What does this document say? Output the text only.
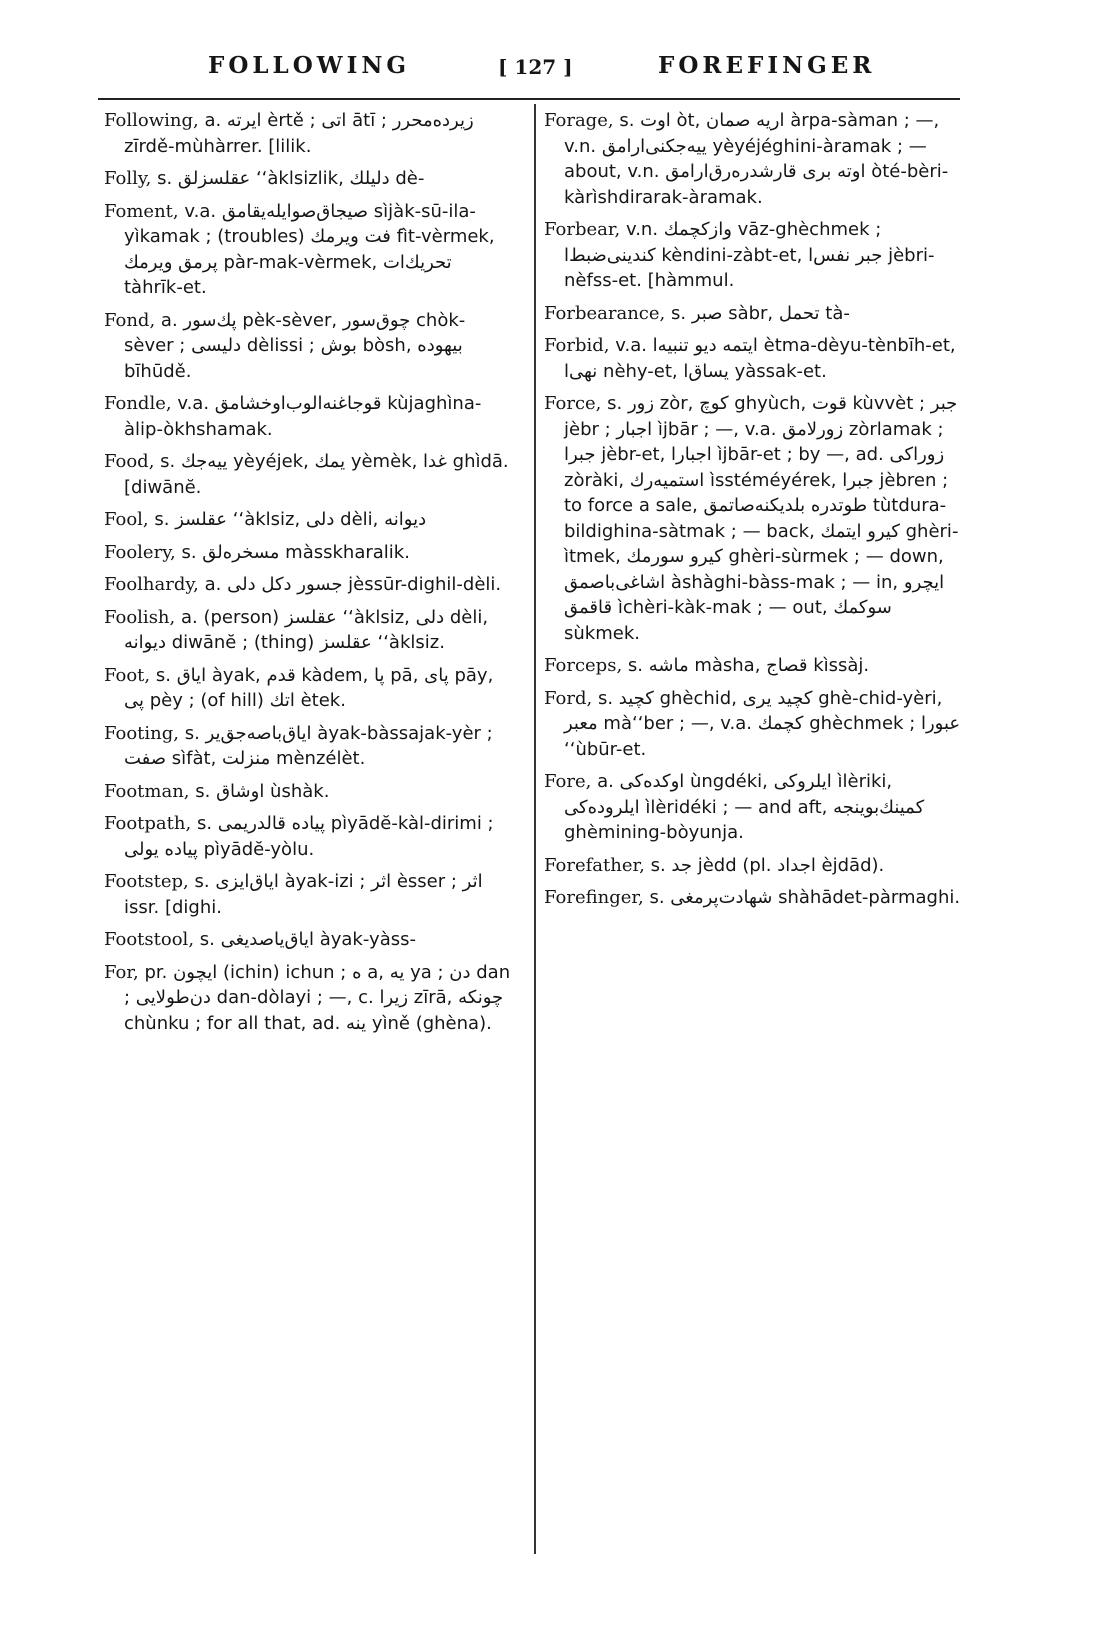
FOLLOWING	[ 127 ]	FOREFINGER
Following, a. ایرته èrtě ; اتی ātī ; زیرده‌محرر zīrdě-mùhàrrer. [lilik.
Folly, s. عقلسزلق ‘‘àklsizlik, دلیلك dè-
Foment, v.a. صیجاق‌صوایله‌یقامق sìjàk-sū-ila-yìkamak ; (troubles) فت ویرمك fìt-vèrmek, پرمق ویرمك pàr-mak-vèrmek, تحریك‌ات tàhrīk-et.
Fond, a. پك‌سور pèk-sèver, چوق‌سور chòk-sèver ; دلیسی dèlissi ; بوش bòsh, بیهوده bīhūdě.
Fondle, v.a. قوجاغنه‌الوب‌اوخشامق kùjaghìna-àlip-òkhshamak.
Food, s. ییه‌جك yèyéjek, یمك yèmèk, غدا ghìdā. [diwānĕ.
Fool, s. عقلسز ‘‘àklsiz, دلی dèli, دیوانه
Foolery, s. مسخره‌لق màsskharalik.
Foolhardy, a. جسور دكل دلی jèssūr-dighil-dèli.
Foolish, a. (person) عقلسز ‘‘àklsiz, دلی dèli, دیوانه diwānĕ ; (thing) عقلسز ‘‘àklsiz.
Foot, s. ایاق àyak, قدم kàdem, پا pā, پای pāy, پی pèy ; (of hill) اتك ètek.
Footing, s. ایاق‌باصه‌جق‌یر àyak-bàssajak-yèr ; صفت sìfàt, منزلت mènzélèt.
Footman, s. اوشاق ùshàk.
Footpath, s. پیاده قالدریمی pìyādĕ-kàl-dirimi ; پیاده یولی pìyādĕ-yòlu.
Footstep, s. ایاق‌ایزی àyak-izi ; اثر èsser ; اثر issr. [dighi.
Footstool, s. ایاق‌یاصدیغی àyak-yàss-
For, pr. ایچون (ichin) ichun ; ه a, یه ya ; دن dan ; دن‌طولایی dan-dòlayi ; —, c. زیرا zīrā, چونكه chùnku ; for all that, ad. ینه yìně (ghèna).
Forage, s. اوت òt, اریه صمان àrpa-sàman ; —, v.n. ییه‌جكنی‌ارامق yèyéjéghini-àramak ; — about, v.n. اوته بری قارشدره‌رق‌ارامق òté-bèri-kàrìshdirarak-àramak.
Forbear, v.n. وازكچمك vāz-ghèchmek ; كندینی‌ضبط‌ا kèndini-zàbt-et, جبر نفس‌ا jèbri-nèfss-et. [hàmmul.
Forbearance, s. صبر sàbr, تحمل tà-
Forbid, v.a. ایتمه دیو تنبیه‌ا ètma-dèyu-tènbīh-et, نهی‌ا nèhy-et, یساق‌ا yàssak-et.
Force, s. زور zòr, كوچ ghyùch, قوت kùvvèt ; جبر jèbr ; اجبار ìjbār ; —, v.a. زورلامق zòrlamak ; جبرا jèbr-et, اجبارا ìjbār-et ; by —, ad. زوراكی zòràki, استمیه‌رك ìsstéméyérek, جبرا jèbren ; to force a sale, طوتدره بلدیكنه‌صاتمق tùtdura-bildighina-sàtmak ; — back, كیرو ایتمك ghèri-ìtmek, كیرو سورمك ghèri-sùrmek ; — down, اشاغی‌باصمق àshàghi-bàss-mak ; — in, ایچرو قاقمق ìchèri-kàk-mak ; — out, سوكمك sùkmek.
Forceps, s. ماشه màsha, قصاج kìssàj.
Ford, s. كچید ghèchid, كچید یری ghè-chid-yèri, معبر mà‘‘ber ; —, v.a. كچمك ghèchmek ; عبورا ‘‘ùbūr-et.
Fore, a. اوكده‌كی ùngdéki, ایلروكی ìlèriki, ایلروده‌كی ìlèridéki ; — and aft, كمینك‌بوینجه ghèmining-bòyunja.
Forefather, s. جد jèdd (pl. اجداد èjdād).
Forefinger, s. شهادت‌پرمغی shàhādet-pàrmaghi.
